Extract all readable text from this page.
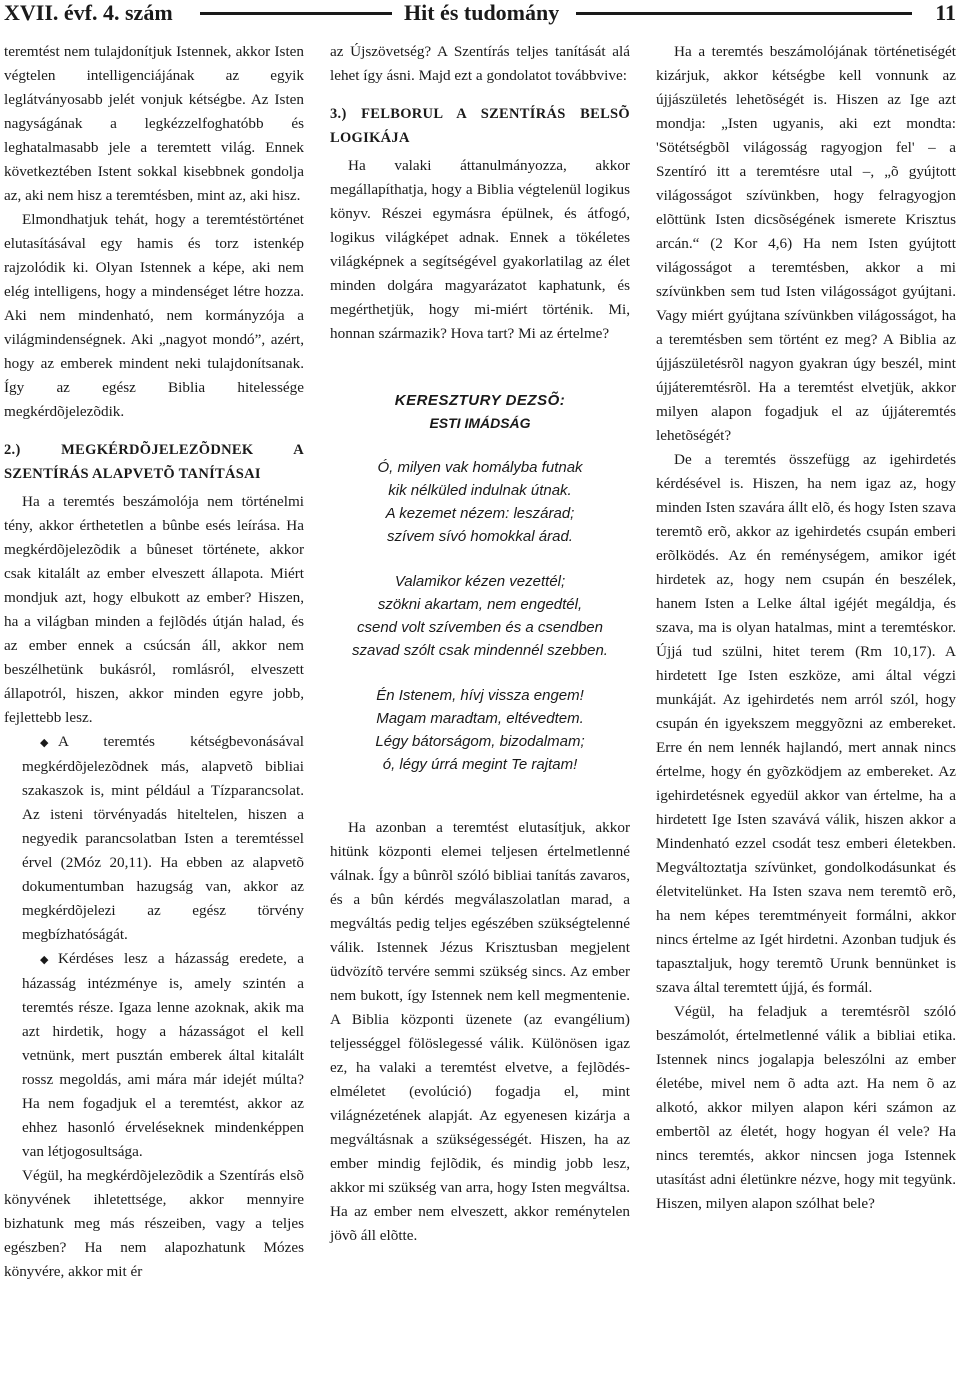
XVII. évf. 4. szám	Hit és tudomány	11

teremtést nem tulajdonítjuk Istennek, akkor Isten végtelen intelligenciájának az egyik leglátványosabb jelét vonjuk kétségbe. Az Isten nagyságának a legkézzelfoghatóbb és leghatalmasabb jele a teremtett világ. Ennek következtében Istent sokkal kisebbnek gondolja az, aki nem hisz a teremtésben, mint az, aki hisz.

Elmondhatjuk tehát, hogy a teremtéstörténet elutasításával egy hamis és torz istenkép rajzolódik ki. Olyan Istennek a képe, aki nem elég intelligens, hogy a mindenséget létre hozza. Aki nem mindenható, nem kormányzója a világmindenségnek. Aki „nagyot mondó”, azért, hogy az emberek mindent neki tulajdonítsanak. Így az egész Biblia hitelessége megkérdõjelezõdik.

2.) MEGKÉRDÕJELEZÕDNEK A SZENTÍRÁS ALAPVETÕ TANÍTÁSAI

Ha a teremtés beszámolója nem történelmi tény, akkor érthetetlen a bûnbe esés leírása. Ha megkérdõjelezõdik a bûneset története, akkor csak kitalált az ember elveszett állapota. Miért mondjuk azt, hogy elbukott az ember? Hiszen, ha a világban minden a fejlõdés útján halad, és az ember ennek a csúcsán áll, akkor nem beszélhetünk bukásról, romlásról, elveszett állapotról, hiszen, akkor minden egyre jobb, fejlettebb lesz.

◆ A teremtés kétségbevonásával megkérdõjelezõdnek más, alapvetõ bibliai szakaszok is, mint például a Tízparancsolat. Az isteni törvényadás hiteltelen, hiszen a negyedik parancsolatban Isten a teremtéssel érvel (2Móz 20,11). Ha ebben az alapvetõ dokumentumban hazugság van, akkor az megkérdõjelezi az egész törvény megbízhatóságát.

◆ Kérdéses lesz a házasság eredete, a házasság intézménye is, amely szintén a teremtés része. Igaza lenne azoknak, akik ma azt hirdetik, hogy a házasságot el kell vetnünk, mert pusztán emberek által kitalált rossz megoldás, ami mára már idejét múlta? Ha nem fogadjuk el a teremtést, akkor az ehhez hasonló érveléseknek mindenképpen van létjogosultsága.

Végül, ha megkérdõjelezõdik a Szentírás elsõ könyvének ihletettsége, akkor mennyire bizhatunk meg más részeiben, vagy a teljes egészben? Ha nem alapozhatunk Mózes könyvére, akkor mit ér

az Újszövetség? A Szentírás teljes tanítását alá lehet így ásni. Majd ezt a gondolatot továbbvive:

3.) FELBORUL A SZENTÍRÁS BELSÕ LOGIKÁJA

Ha valaki áttanulmányozza, akkor megállapíthatja, hogy a Biblia végtelenül logikus könyv. Részei egymásra épülnek, és átfogó, logikus világképet adnak. Ennek a tökéletes világképnek a segítségével gyakorlatilag az élet minden dolgára magyarázatot kaphatunk, és megérthetjük, hogy mi-miért történik. Mi, honnan származik? Hova tart? Mi az értelme?

KERESZTURY DEZSÕ:
ESTI IMÁDSÁG
Ó, milyen vak homályba futnak
kik nélküled indulnak útnak.
A kezemet nézem: leszárad;
szívem sívó homokkal árad.
Valamikor kézen vezettél;
szökni akartam, nem engedtél,
csend volt szívemben és a csendben
szavad szólt csak mindennél szebben.
Én Istenem, hívj vissza engem!
Magam maradtam, eltévedtem.
Légy bátorságom, bizodalmam;
ó, légy úrrá megint Te rajtam!

Ha azonban a teremtést elutasítjuk, akkor hitünk központi elemei teljesen értelmetlenné válnak. Így a bûnrõl szóló bibliai tanítás zavaros, és a bûn kérdés megválaszolatlan marad, a megváltás pedig teljes egészében szükségtelenné válik. Istennek Jézus Krisztusban megjelent üdvözítõ tervére semmi szükség sincs. Az ember nem bukott, így Istennek nem kell megmentenie. A Biblia központi üzenete (az evangélium) teljességgel fölöslegessé válik. Különösen igaz ez, ha valaki a teremtést elvetve, a fejlõdés-elméletet (evolúció) fogadja el, mint világnézetének alapját. Az egyenesen kizárja a megváltásnak a szükségességét. Hiszen, ha az ember mindig fejlõdik, és mindig jobb lesz, akkor mi szükség van arra, hogy Isten megváltsa. Ha az ember nem elveszett, akkor reménytelen jövõ áll elõtte.

Ha a teremtés beszámolójának történetiségét kizárjuk, akkor kétségbe kell vonnunk az újjászületés lehetõségét is. Hiszen az Ige azt mondja: „Isten ugyanis, aki ezt mondta: 'Sötétségbõl világosság ragyogjon fel' – a Szentíró itt a teremtésre utal –, „õ gyújtott világosságot szívünkben, hogy felragyogjon elõttünk Isten dicsõségének ismerete Krisztus arcán.“ (2 Kor 4,6) Ha nem Isten gyújtott világosságot a teremtésben, akkor a mi szívünkben sem tud Isten világosságot gyújtani. Vagy miért gyújtana szívünkben világosságot, ha a teremtésben sem történt ez meg? A Biblia az újjászületésrõl nagyon gyakran úgy beszél, mint újjáteremtésrõl. Ha a teremtést elvetjük, akkor milyen alapon fogadjuk el az újjáteremtés lehetõségét?

De a teremtés összefügg az igehirdetés kérdésével is. Hiszen, ha nem igaz az, hogy minden Isten szavára állt elõ, és hogy Isten szava teremtõ erõ, akkor az igehirdetés csupán emberi erõlködés. Az én reménységem, amikor igét hirdetek az, hogy nem csupán én beszélek, hanem Isten a Lelke által igéjét megáldja, és szava, ma is olyan hatalmas, mint a teremtéskor. Újjá tud szülni, hitet terem (Rm 10,17). A hirdetett Ige Isten eszköze, ami által végzi munkáját. Az igehirdetés nem arról szól, hogy csupán én igyekszem meggyõzni az embereket. Erre én nem lennék hajlandó, mert annak nincs értelme, hogy én gyõzködjem az embereket. Az igehirdetésnek egyedül akkor van értelme, ha a hirdetett Ige Isten szavává válik, hiszen akkor a Mindenható ezzel csodát tesz emberi életekben. Megváltoztatja szívünket, gondolkodásunkat és életvitelünket. Ha Isten szava nem teremtõ erõ, ha nem képes teremtményeit formálni, akkor nincs értelme az Igét hirdetni. Azonban tudjuk és tapasztaljuk, hogy teremtõ Urunk bennünket is szava által teremtett újjá, és formál.

Végül, ha feladjuk a teremtésrõl szóló beszámolót, értelmetlenné válik a bibliai etika. Istennek nincs jogalapja beleszólni az ember életébe, mivel nem õ adta azt. Ha nem õ az alkotó, akkor milyen alapon kéri számon az embertõl az életét, hogy hogyan él vele? Ha nincs teremtés, akkor nincsen joga Istennek utasítást adni életünkre nézve, hogy mit tegyünk. Hiszen, milyen alapon szólhat bele?
